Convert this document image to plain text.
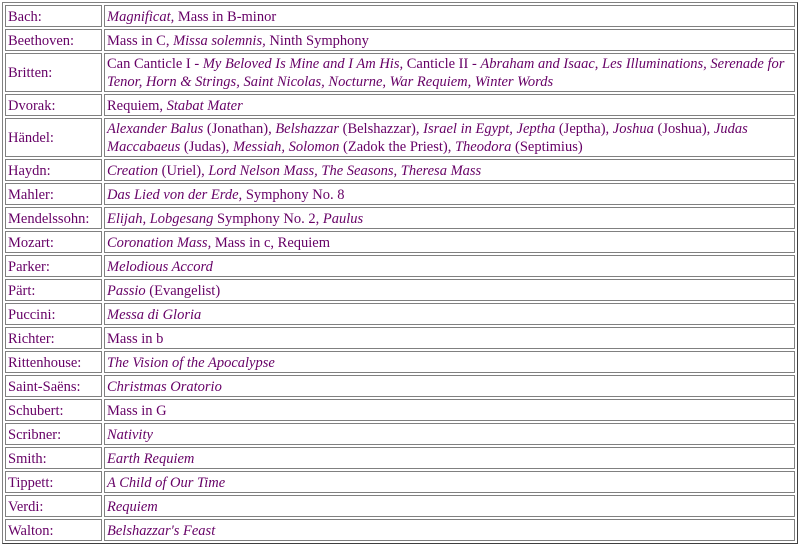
Bach:	Magnificat, Mass in B-minor
Beethoven:	Mass in C, Missa solemnis, Ninth Symphony
Britten:	Can Canticle I - My Beloved Is Mine and I Am His, Canticle II - Abraham and Isaac, Les Illuminations, Serenade for Tenor, Horn & Strings, Saint Nicolas, Nocturne, War Requiem, Winter Words
Dvorak:	Requiem, Stabat Mater
Händel:	Alexander Balus (Jonathan), Belshazzar (Belshazzar), Israel in Egypt, Jeptha (Jeptha), Joshua (Joshua), Judas Maccabaeus (Judas), Messiah, Solomon (Zadok the Priest), Theodora (Septimius)
Haydn:	Creation (Uriel), Lord Nelson Mass, The Seasons, Theresa Mass
Mahler:	Das Lied von der Erde, Symphony No. 8
Mendelssohn:	Elijah, Lobgesang Symphony No. 2, Paulus
Mozart:	Coronation Mass, Mass in c, Requiem
Parker:	Melodious Accord
Pärt:	Passio (Evangelist)
Puccini:	Messa di Gloria
Richter:	Mass in b
Rittenhouse:	The Vision of the Apocalypse
Saint-Saëns:	Christmas Oratorio
Schubert:	Mass in G
Scribner:	Nativity
Smith:	Earth Requiem
Tippett:	A Child of Our Time
Verdi:	Requiem
Walton:	Belshazzar's Feast
